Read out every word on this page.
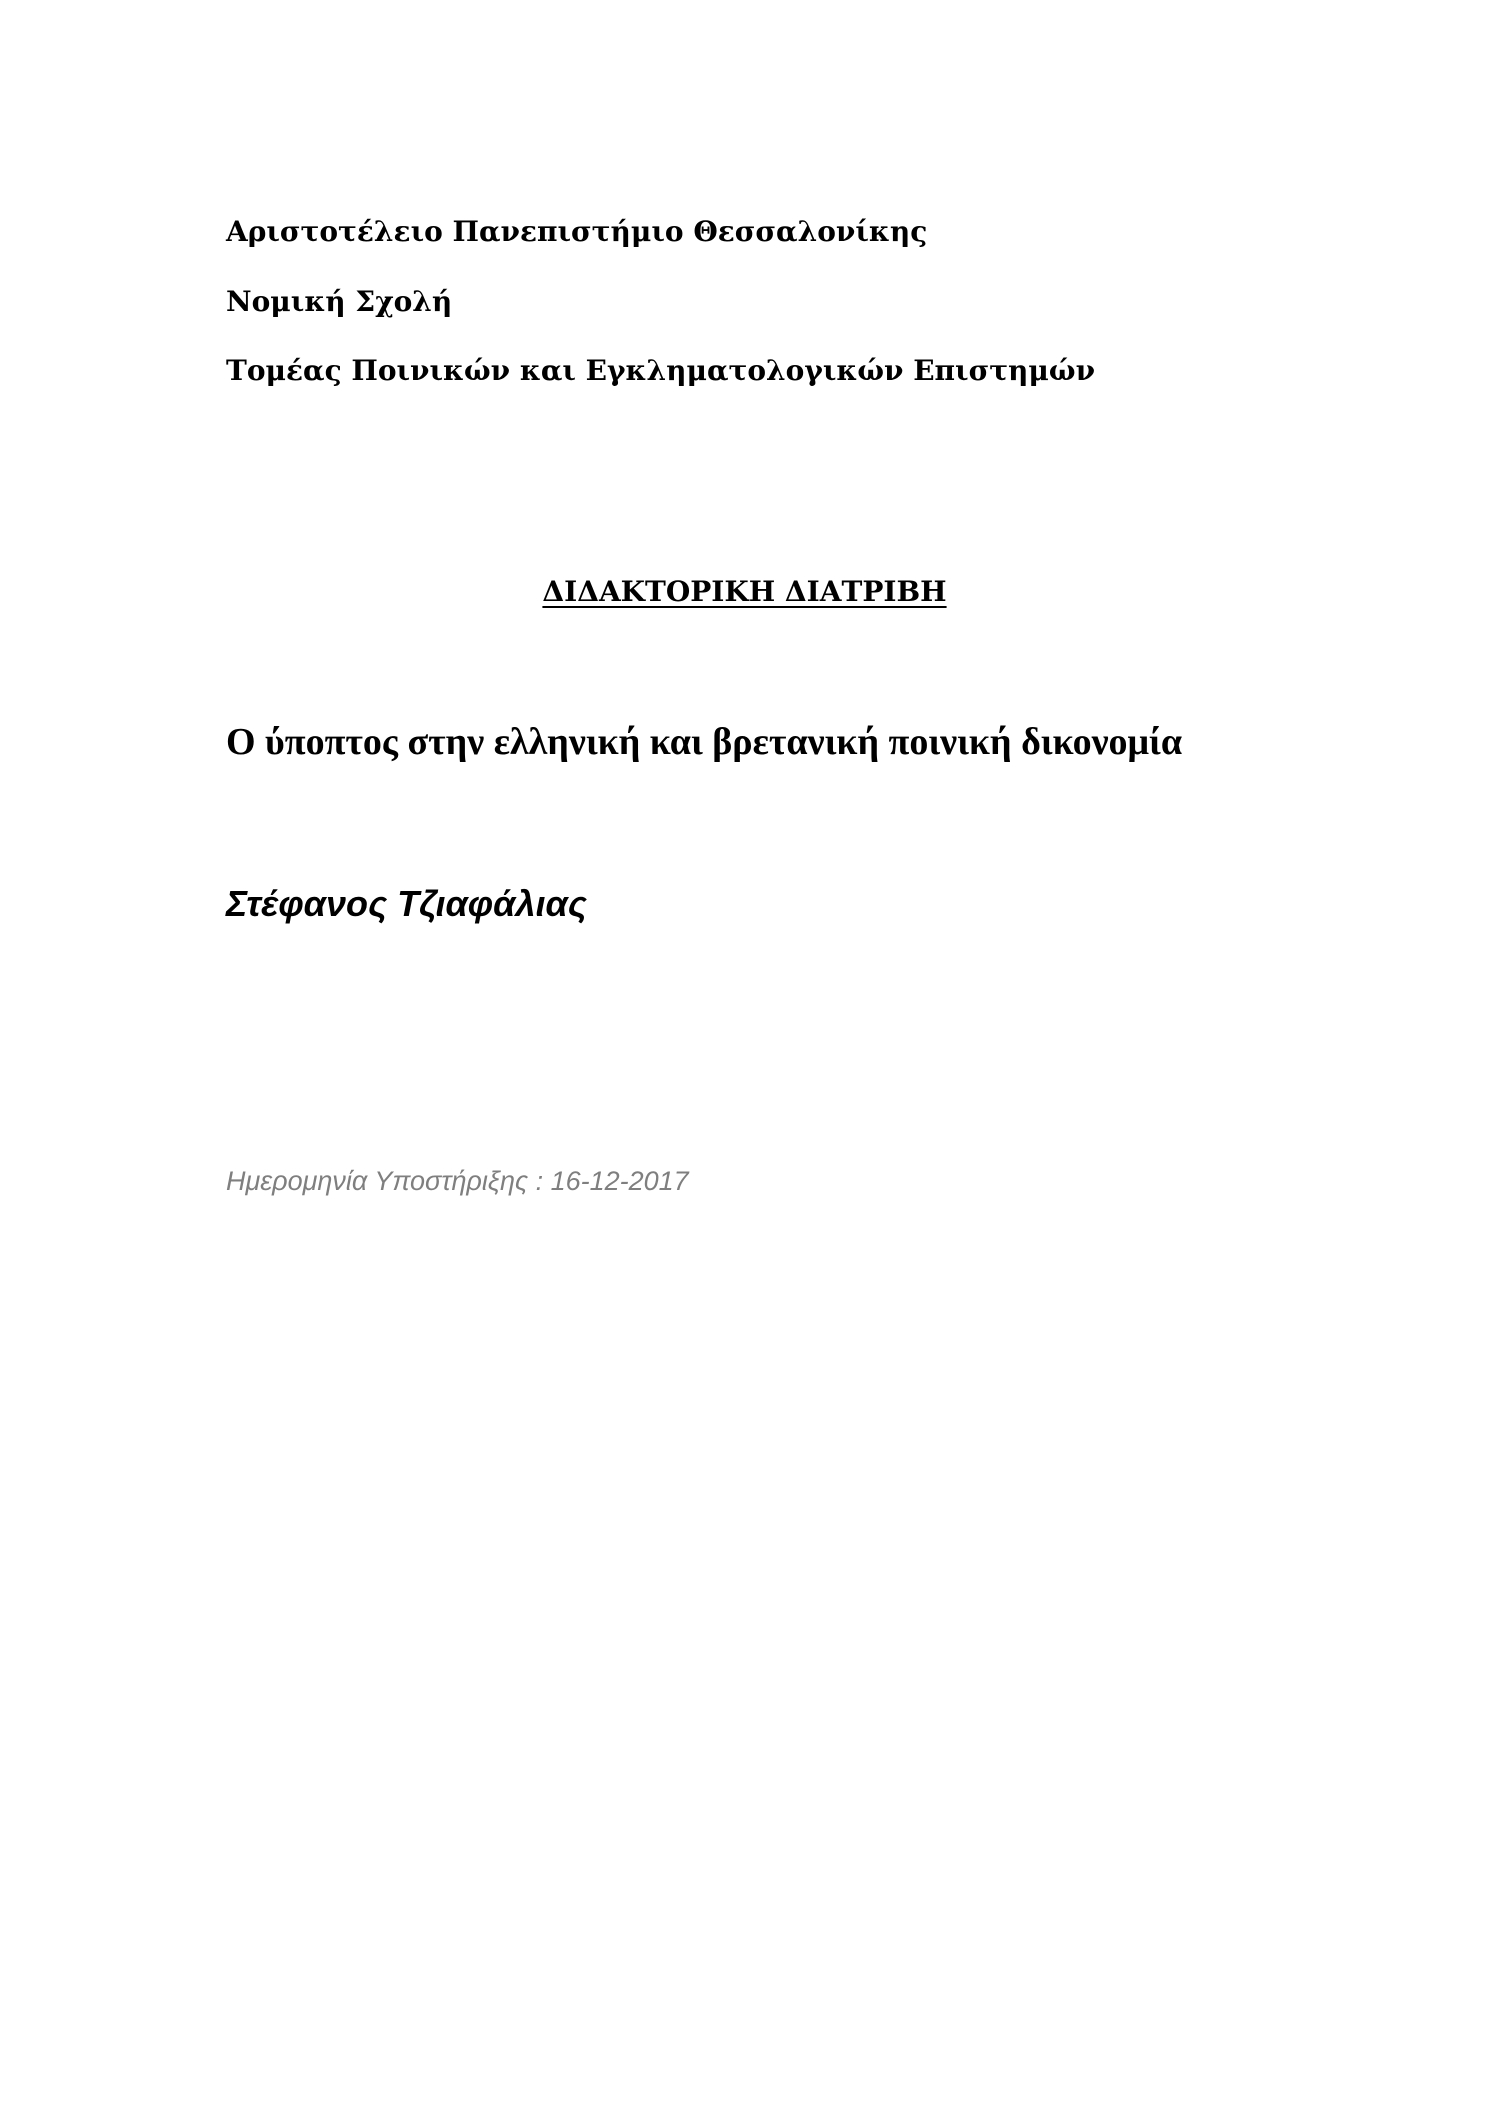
Αριστοτέλειο Πανεπιστήμιο Θεσσαλονίκης

Νομική Σχολή

Τομέας Ποινικών και Εγκληματολογικών Επιστημών

ΔΙΔΑΚΤΟΡΙΚΗ ΔΙΑΤΡΙΒΗ

Ο ύποπτος στην ελληνική και βρετανική ποινική δικονομία

Στέφανος Τζιαφάλιας

Ημερομηνία Υποστήριξης : 16-12-2017
